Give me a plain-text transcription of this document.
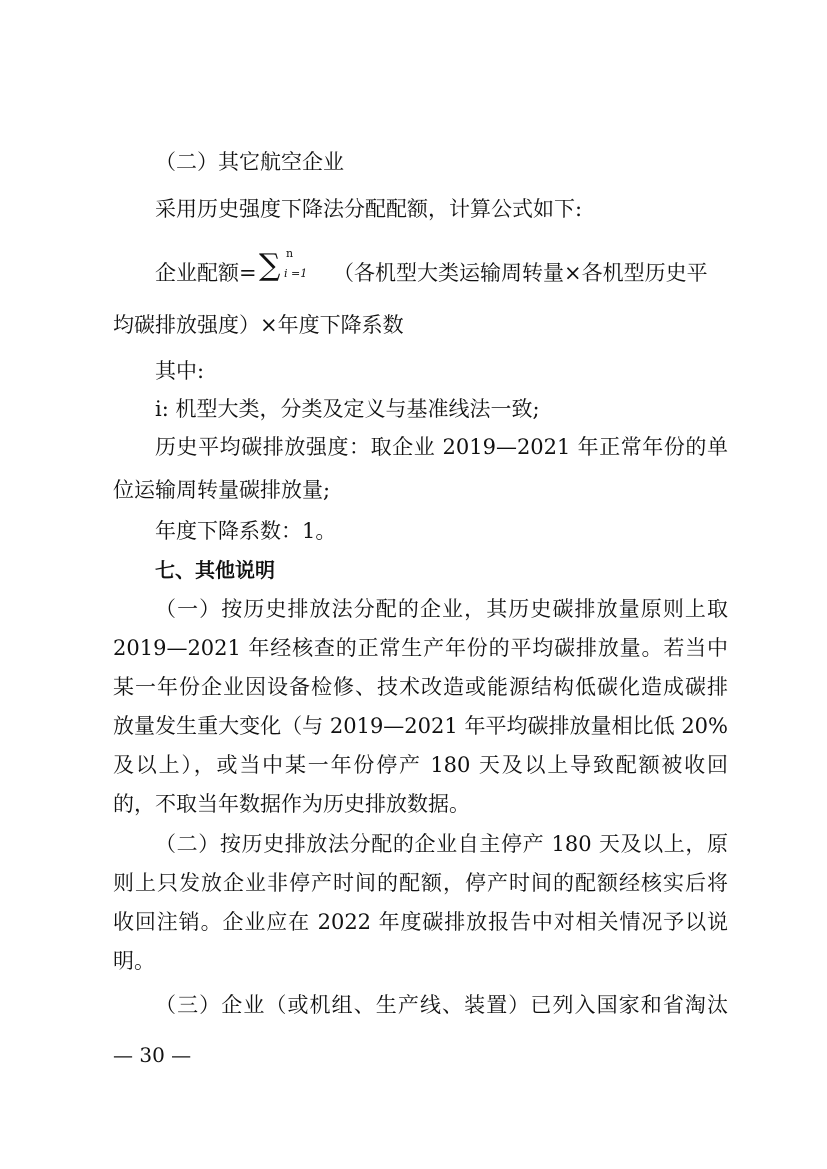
（二）其它航空企业

采用历史强度下降法分配配额，计算公式如下:

企业配额= ∑ n
i =1 （各机型大类运输周转量×各机型历史平

均碳排放强度）×年度下降系数

其中:

i: 机型大类，分类及定义与基准线法一致;

历史平均碳排放强度：取企业 2019—2021 年正常年份的单

位运输周转量碳排放量;

年度下降系数：1。

七、其他说明

（一）按历史排放法分配的企业，其历史碳排放量原则上取

2019—2021 年经核查的正常生产年份的平均碳排放量。若当中

某一年份企业因设备检修、技术改造或能源结构低碳化造成碳排

放量发生重大变化（与 2019—2021 年平均碳排放量相比低 20%

及以上），或当中某一年份停产 180 天及以上导致配额被收回

的，不取当年数据作为历史排放数据。

（二）按历史排放法分配的企业自主停产 180 天及以上，原

则上只发放企业非停产时间的配额，停产时间的配额经核实后将

收回注销。企业应在 2022 年度碳排放报告中对相关情况予以说

明。

（三）企业（或机组、生产线、装置）已列入国家和省淘汰

— 30 —
